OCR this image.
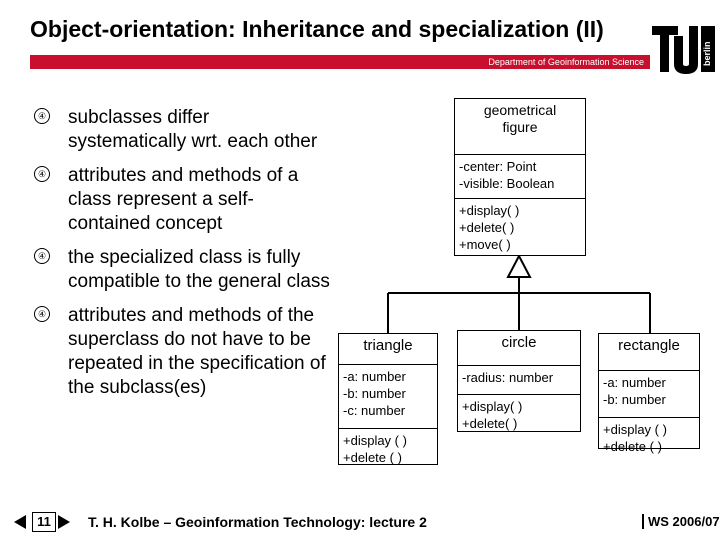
Object-orientation: Inheritance and specialization (II)
Department of Geoinformation Science	berlin
④ subclasses differ systematically wrt. each other
④ attributes and methods of a class represent a self-contained concept
④ the specialized class is fully compatible to the general class
④ attributes and methods of the superclass do not have to be repeated in the specification of the subclass(es)
geometrical
figure
-center: Point
-visible: Boolean
+display( )
+delete( )
+move( )
triangle
-a: number
-b: number
-c: number
+display ( )
+delete ( )
circle
-radius: number
+display( )
+delete( )
rectangle
-a: number
-b: number
+display ( )
+delete ( )
11	T. H. Kolbe – Geoinformation Technology: lecture 2	WS 2006/07
